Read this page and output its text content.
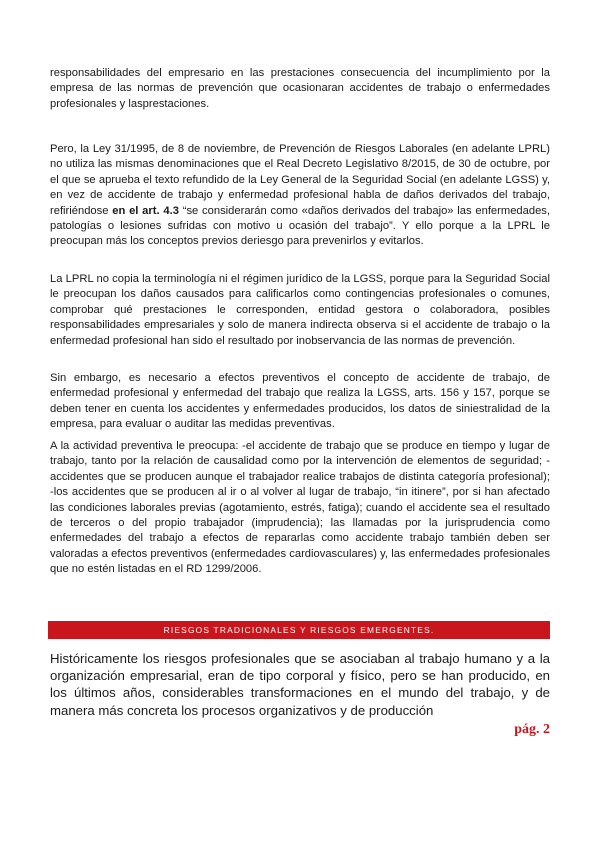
responsabilidades del empresario en las prestaciones consecuencia del incumplimiento por la empresa de las normas de prevención que ocasionaran accidentes de trabajo o enfermedades profesionales y lasprestaciones.

Pero, la Ley 31/1995, de 8 de noviembre, de Prevención de Riesgos Laborales (en adelante LPRL) no utiliza las mismas denominaciones que el Real Decreto Legislativo 8/2015, de 30 de octubre, por el que se aprueba el texto refundido de la Ley General de la Seguridad Social (en adelante LGSS) y, en vez de accidente de trabajo y enfermedad profesional habla de daños derivados del trabajo, refiriéndose en el art. 4.3 “se considerarán como «daños derivados del trabajo» las enfermedades, patologías o lesiones sufridas con motivo u ocasión del trabajo”. Y ello porque a la LPRL le preocupan más los conceptos previos deriesgo para prevenirlos y evitarlos.

La LPRL no copia la terminología ni el régimen jurídico de la LGSS, porque para la Seguridad Social le preocupan los daños causados para calificarlos como contingencias profesionales o comunes, comprobar qué prestaciones le corresponden, entidad gestora o colaboradora, posibles responsabilidades empresariales y solo de manera indirecta observa si el accidente de trabajo o la enfermedad profesional han sido el resultado por inobservancia de las normas de prevención.

Sin embargo, es necesario a efectos preventivos el concepto de accidente de trabajo, de enfermedad profesional y enfermedad del trabajo que realiza la LGSS, arts. 156 y 157, porque se deben tener en cuenta los accidentes y enfermedades producidos, los datos de siniestralidad de la empresa, para evaluar o auditar las medidas preventivas.

A la actividad preventiva le preocupa: -el accidente de trabajo que se produce en tiempo y lugar de trabajo, tanto por la relación de causalidad como por la intervención de elementos de seguridad; - accidentes que se producen aunque el trabajador realice trabajos de distinta categoría profesional); -los accidentes que se producen al ir o al volver al lugar de trabajo, “in itinere”, por si han afectado las condiciones laborales previas (agotamiento, estrés, fatiga); cuando el accidente sea el resultado de terceros o del propio trabajador (imprudencia); las llamadas por la jurisprudencia como enfermedades del trabajo a efectos de repararlas como accidente trabajo también deben ser valoradas a efectos preventivos (enfermedades cardiovasculares) y, las enfermedades profesionales que no estén listadas en el RD 1299/2006.

RIESGOS TRADICIONALES Y RIESGOS EMERGENTES.

Históricamente los riesgos profesionales que se asociaban al trabajo humano y a la organización empresarial, eran de tipo corporal y físico, pero se han producido, en los últimos años, considerables transformaciones en el mundo del trabajo, y de manera más concreta los procesos organizativos y de producción

pág. 2
